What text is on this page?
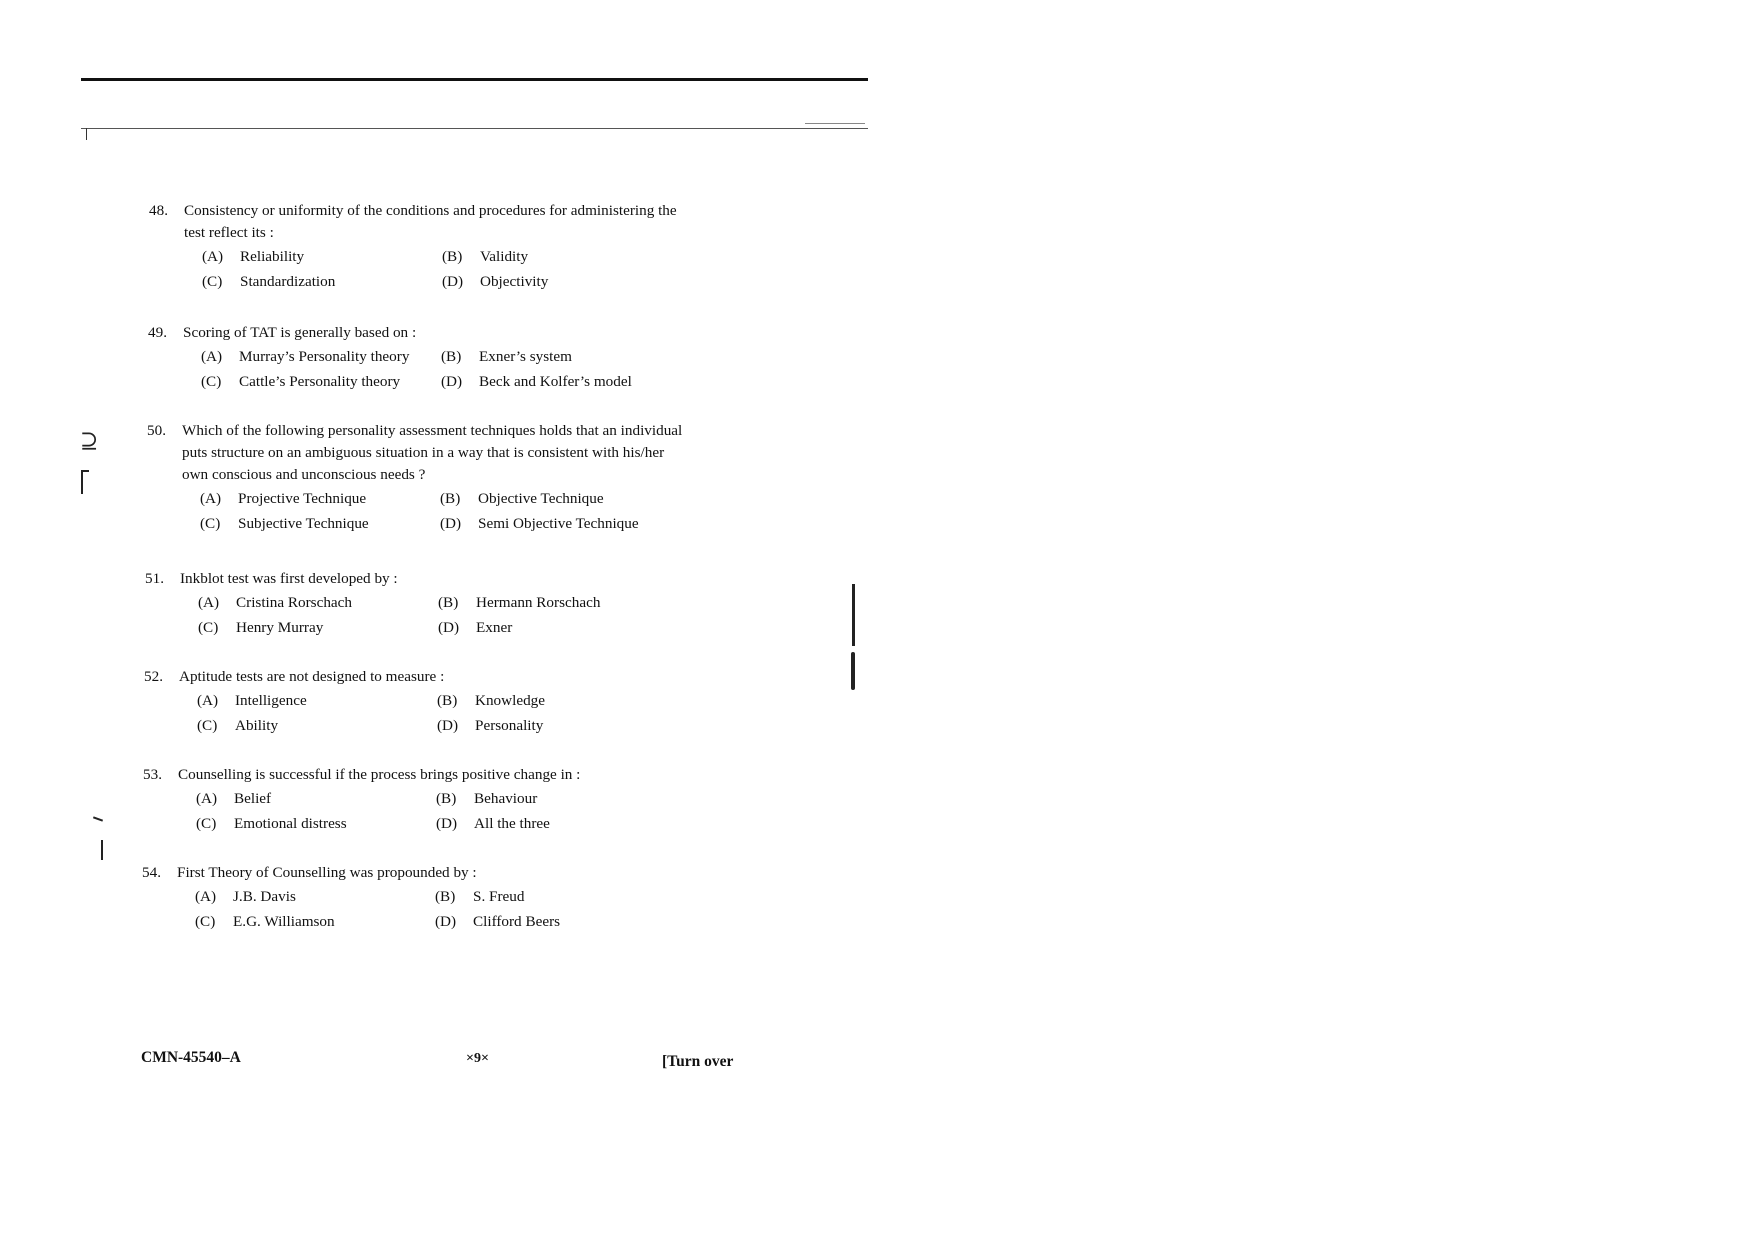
⊇
48.	Consistency or uniformity of the conditions and procedures for administering the test reflect its :
(A)	Reliability	(B)	Validity
(C)	Standardization	(D)	Objectivity
49.	Scoring of TAT is generally based on :
(A)	Murray’s Personality theory (B)	Exner’s system
(C)	Cattle’s Personality theory	(D)	Beck and Kolfer’s model
50.	Which of the following personality assessment techniques holds that an individual puts structure on an ambiguous situation in a way that is consistent with his/her own conscious and unconscious needs ?
(A)	Projective Technique	(B)	Objective Technique
(C)	Subjective Technique	(D)	Semi Objective Technique
51.	Inkblot test was first developed by :
(A)	Cristina Rorschach	(B)	Hermann Rorschach
(C)	Henry Murray	(D)	Exner
52.	Aptitude tests are not designed to measure :
(A)	Intelligence	(B)	Knowledge
(C)	Ability	(D)	Personality
53.	Counselling is successful if the process brings positive change in :
(A)	Belief	(B)	Behaviour
(C)	Emotional distress	(D)	All the three
54.	First Theory of Counselling was propounded by :
(A)	J.B. Davis	(B)	S. Freud
(C)	E.G. Williamson	(D)	Clifford Beers
CMN-45540–A	×9×	[Turn over
